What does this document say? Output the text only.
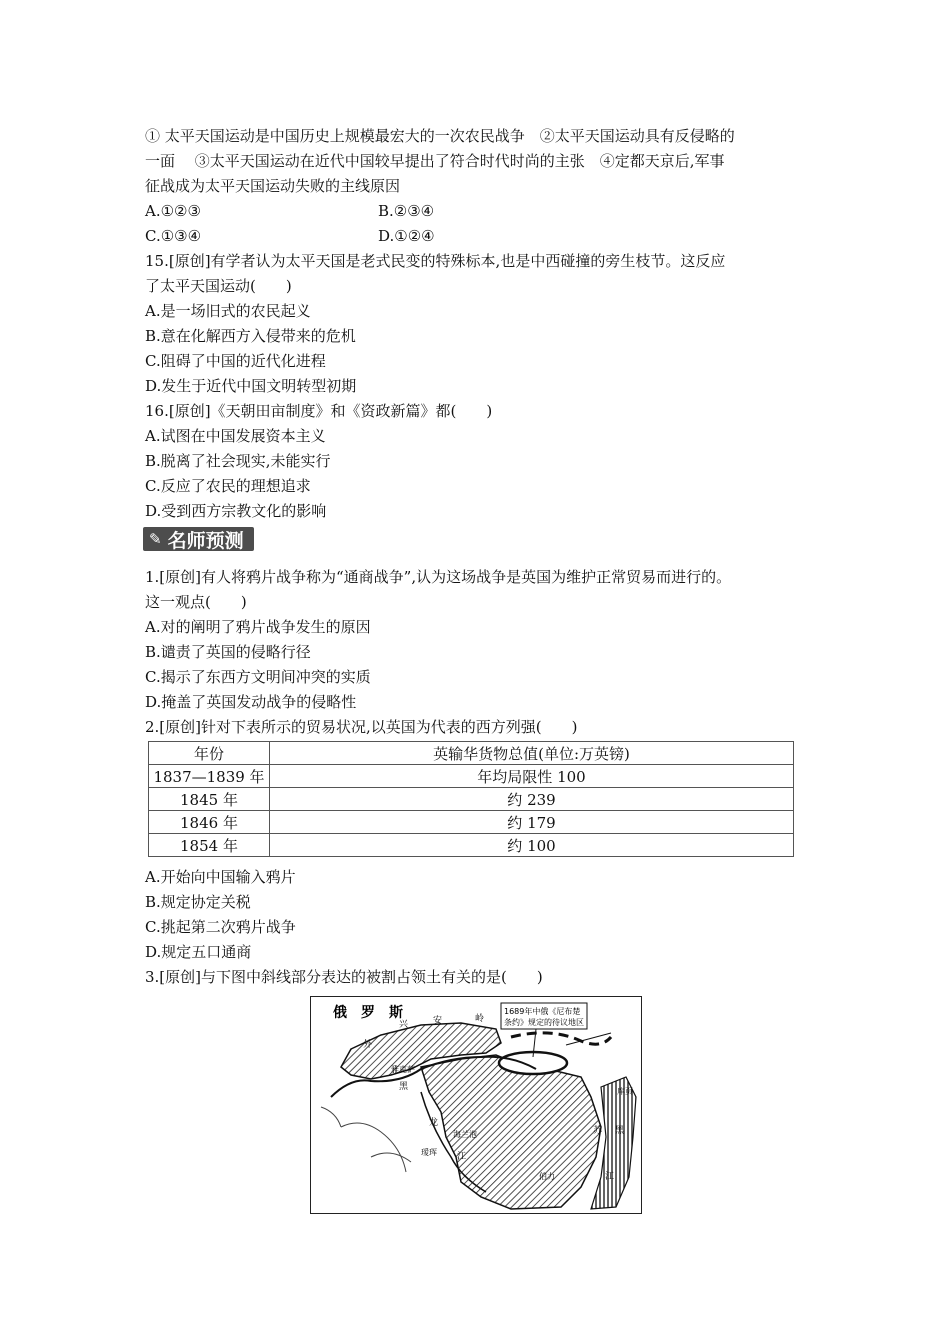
① 太平天国运动是中国历史上规模最宏大的一次农民战争　②太平天国运动具有反侵略的
一面　 ③太平天国运动在近代中国较早提出了符合时代时尚的主张　④定都天京后,军事
征战成为太平天国运动失败的主线原因
A.①②③	B.②③④
C.①③④	D.①②④
15.[原创]有学者认为太平天国是老式民变的特殊标本,也是中西碰撞的旁生枝节。这反应
了太平天国运动(　　)
A.是一场旧式的农民起义
B.意在化解西方入侵带来的危机
C.阻碍了中国的近代化进程
D.发生于近代中国文明转型初期
16.[原创]《天朝田亩制度》和《资政新篇》都(　　)
A.试图在中国发展资本主义
B.脱离了社会现实,未能实行
C.反应了农民的理想追求
D.受到西方宗教文化的影响
✎ 名师预测
1.[原创]有人将鸦片战争称为“通商战争”,认为这场战争是英国为维护正常贸易而进行的。
这一观点(　　)
A.对的阐明了鸦片战争发生的原因
B.谴责了英国的侵略行径
C.揭示了东西方文明间冲突的实质
D.掩盖了英国发动战争的侵略性
2.[原创]针对下表所示的贸易状况,以英国为代表的西方列强(　　)
年份	英输华货物总值(单位:万英镑)
1837—1839 年	年均局限性 100
1845 年	约 239
1846 年	约 179
1854 年	约 100
A.开始向中国输入鸦片
B.规定协定关税
C.挑起第二次鸦片战争
D.规定五口通商
3.[原创]与下图中斜线部分表达的被割占领土有关的是(　　)
1689年中俄《尼布楚
条约》规定的待议地区
俄　罗　斯
兴	安	岭
外
雅克萨
黑
龙
瑷珲 江
海兰泡
伯力
库页
黑
江
苏
